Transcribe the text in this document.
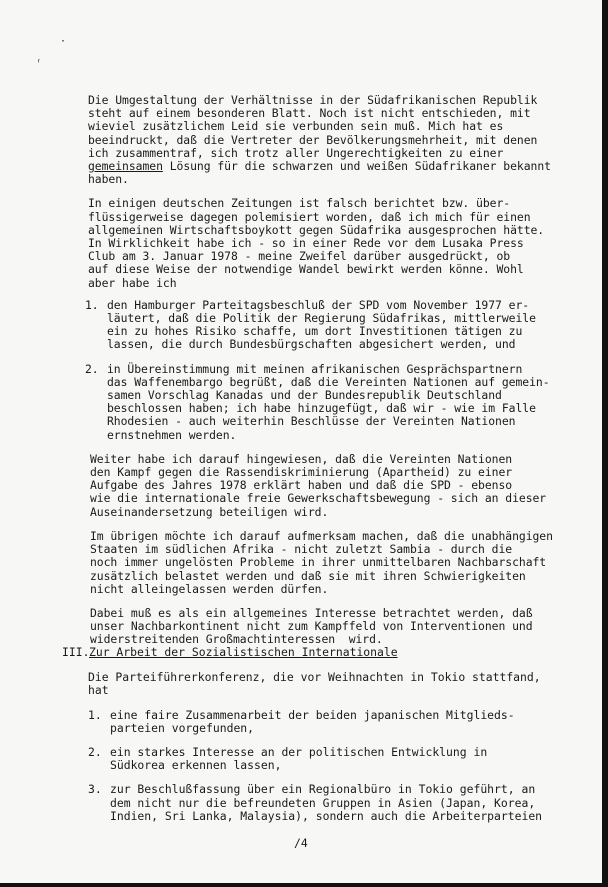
·
ʳ
Die Umgestaltung der Verhältnisse in der Südafrikanischen Republik
steht auf einem besonderen Blatt. Noch ist nicht entschieden, mit
wieviel zusätzlichem Leid sie verbunden sein muß. Mich hat es
beeindruckt, daß die Vertreter der Bevölkerungsmehrheit, mit denen
ich zusammentraf, sich trotz aller Ungerechtigkeiten zu einer
gemeinsamen Lösung für die schwarzen und weißen Südafrikaner bekannt
haben.
In einigen deutschen Zeitungen ist falsch berichtet bzw. über-
flüssigerweise dagegen polemisiert worden, daß ich mich für einen
allgemeinen Wirtschaftsboykott gegen Südafrika ausgesprochen hätte.
In Wirklichkeit habe ich - so in einer Rede vor dem Lusaka Press
Club am 3. Januar 1978 - meine Zweifel darüber ausgedrückt, ob
auf diese Weise der notwendige Wandel bewirkt werden könne. Wohl
aber habe ich
1. den Hamburger Parteitagsbeschluß der SPD vom November 1977 er-
läutert, daß die Politik der Regierung Südafrikas, mittlerweile
ein zu hohes Risiko schaffe, um dort Investitionen tätigen zu
lassen, die durch Bundesbürgschaften abgesichert werden, und
2. in Übereinstimmung mit meinen afrikanischen Gesprächspartnern
das Waffenembargo begrüßt, daß die Vereinten Nationen auf gemein-
samen Vorschlag Kanadas und der Bundesrepublik Deutschland
beschlossen haben; ich habe hinzugefügt, daß wir - wie im Falle
Rhodesien - auch weiterhin Beschlüsse der Vereinten Nationen
ernstnehmen werden.
Weiter habe ich darauf hingewiesen, daß die Vereinten Nationen
den Kampf gegen die Rassendiskriminierung (Apartheid) zu einer
Aufgabe des Jahres 1978 erklärt haben und daß die SPD - ebenso
wie die internationale freie Gewerkschaftsbewegung - sich an dieser
Auseinandersetzung beteiligen wird.
Im übrigen möchte ich darauf aufmerksam machen, daß die unabhängigen
Staaten im südlichen Afrika - nicht zuletzt Sambia - durch die
noch immer ungelösten Probleme in ihrer unmittelbaren Nachbarschaft
zusätzlich belastet werden und daß sie mit ihren Schwierigkeiten
nicht alleingelassen werden dürfen.
Dabei muß es als ein allgemeines Interesse betrachtet werden, daß
unser Nachbarkontinent nicht zum Kampffeld von Interventionen und
widerstreitenden Großmachtinteressen  wird.
III.Zur Arbeit der Sozialistischen Internationale
Die Parteiführerkonferenz, die vor Weihnachten in Tokio stattfand,
hat
1. eine faire Zusammenarbeit der beiden japanischen Mitglieds-
parteien vorgefunden,
2. ein starkes Interesse an der politischen Entwicklung in
Südkorea erkennen lassen,
3. zur Beschlußfassung über ein Regionalbüro in Tokio geführt, an
dem nicht nur die befreundeten Gruppen in Asien (Japan, Korea,
Indien, Sri Lanka, Malaysia), sondern auch die Arbeiterparteien
/4
